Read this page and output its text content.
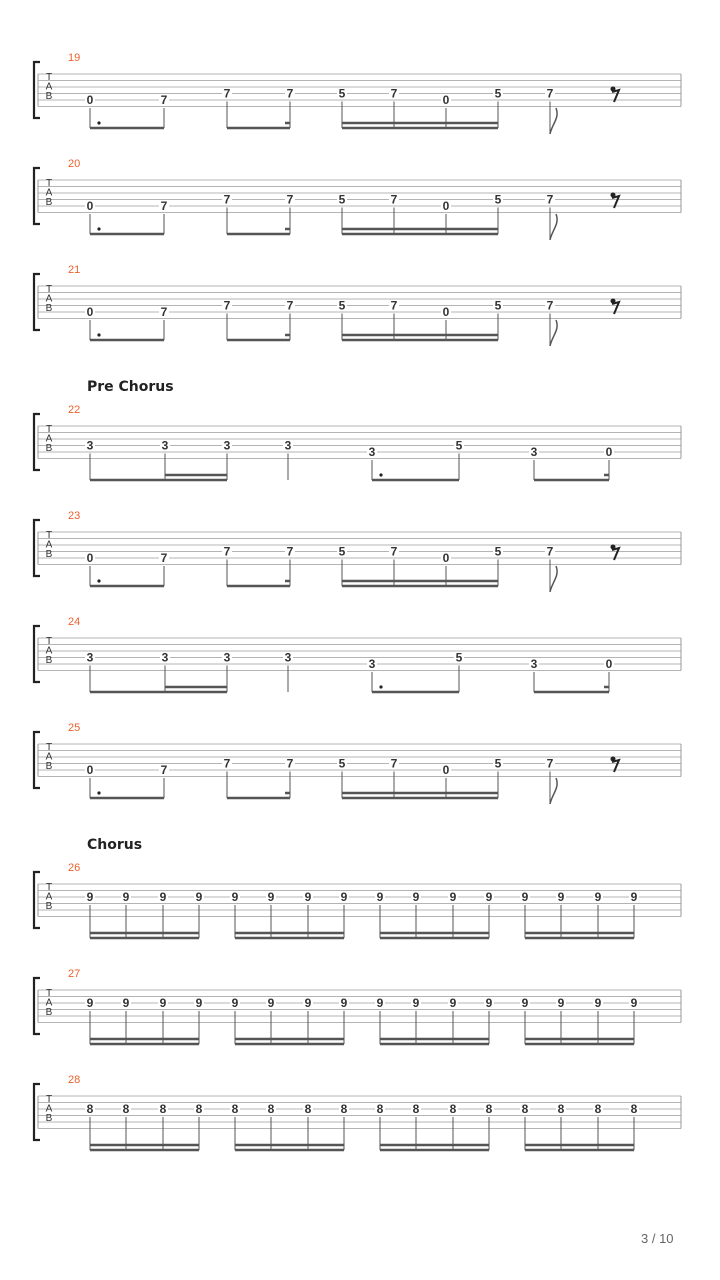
Pre Chorus
Chorus
T
A
B
19
0	7	7	7	5	7	0	5	7
T
A
B
20
0	7	7	7	5	7	0	5	7
T
A
B
21
0	7	7	7	5	7	0	5	7
T
A
B
22
3	3	3	3	3	5	3	0
T
A
B
23
0	7	7	7	5	7	0	5	7
T
A
B
24
3	3	3	3	3	5	3	0
T
A
B
25
0	7	7	7	5	7	0	5	7
T
A
B
26
9 9	9 9 9 9	9 9 9 9	9 9 9 9	9 9
T
A
B
27
9 9	9 9 9 9	9 9 9 9	9 9 9 9	9 9
T
A
B
28
8 8	8 8 8 8	8 8 8 8	8 8 8 8	8 8
3 / 10
